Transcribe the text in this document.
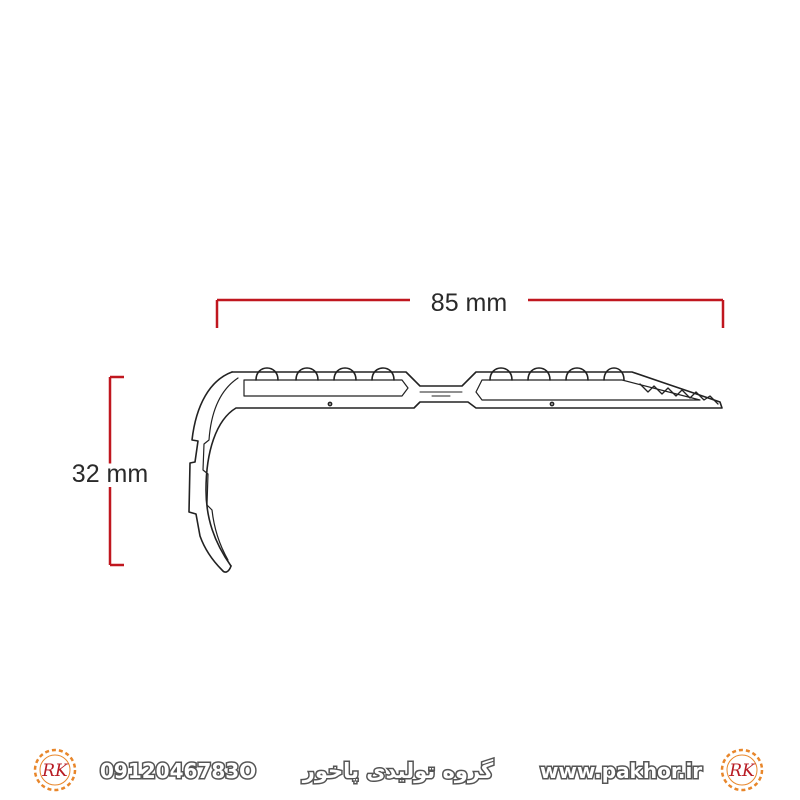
85 mm
32 mm
RK 0912046783O گروه تولیدی پاخور www.pakhor.ir RK
